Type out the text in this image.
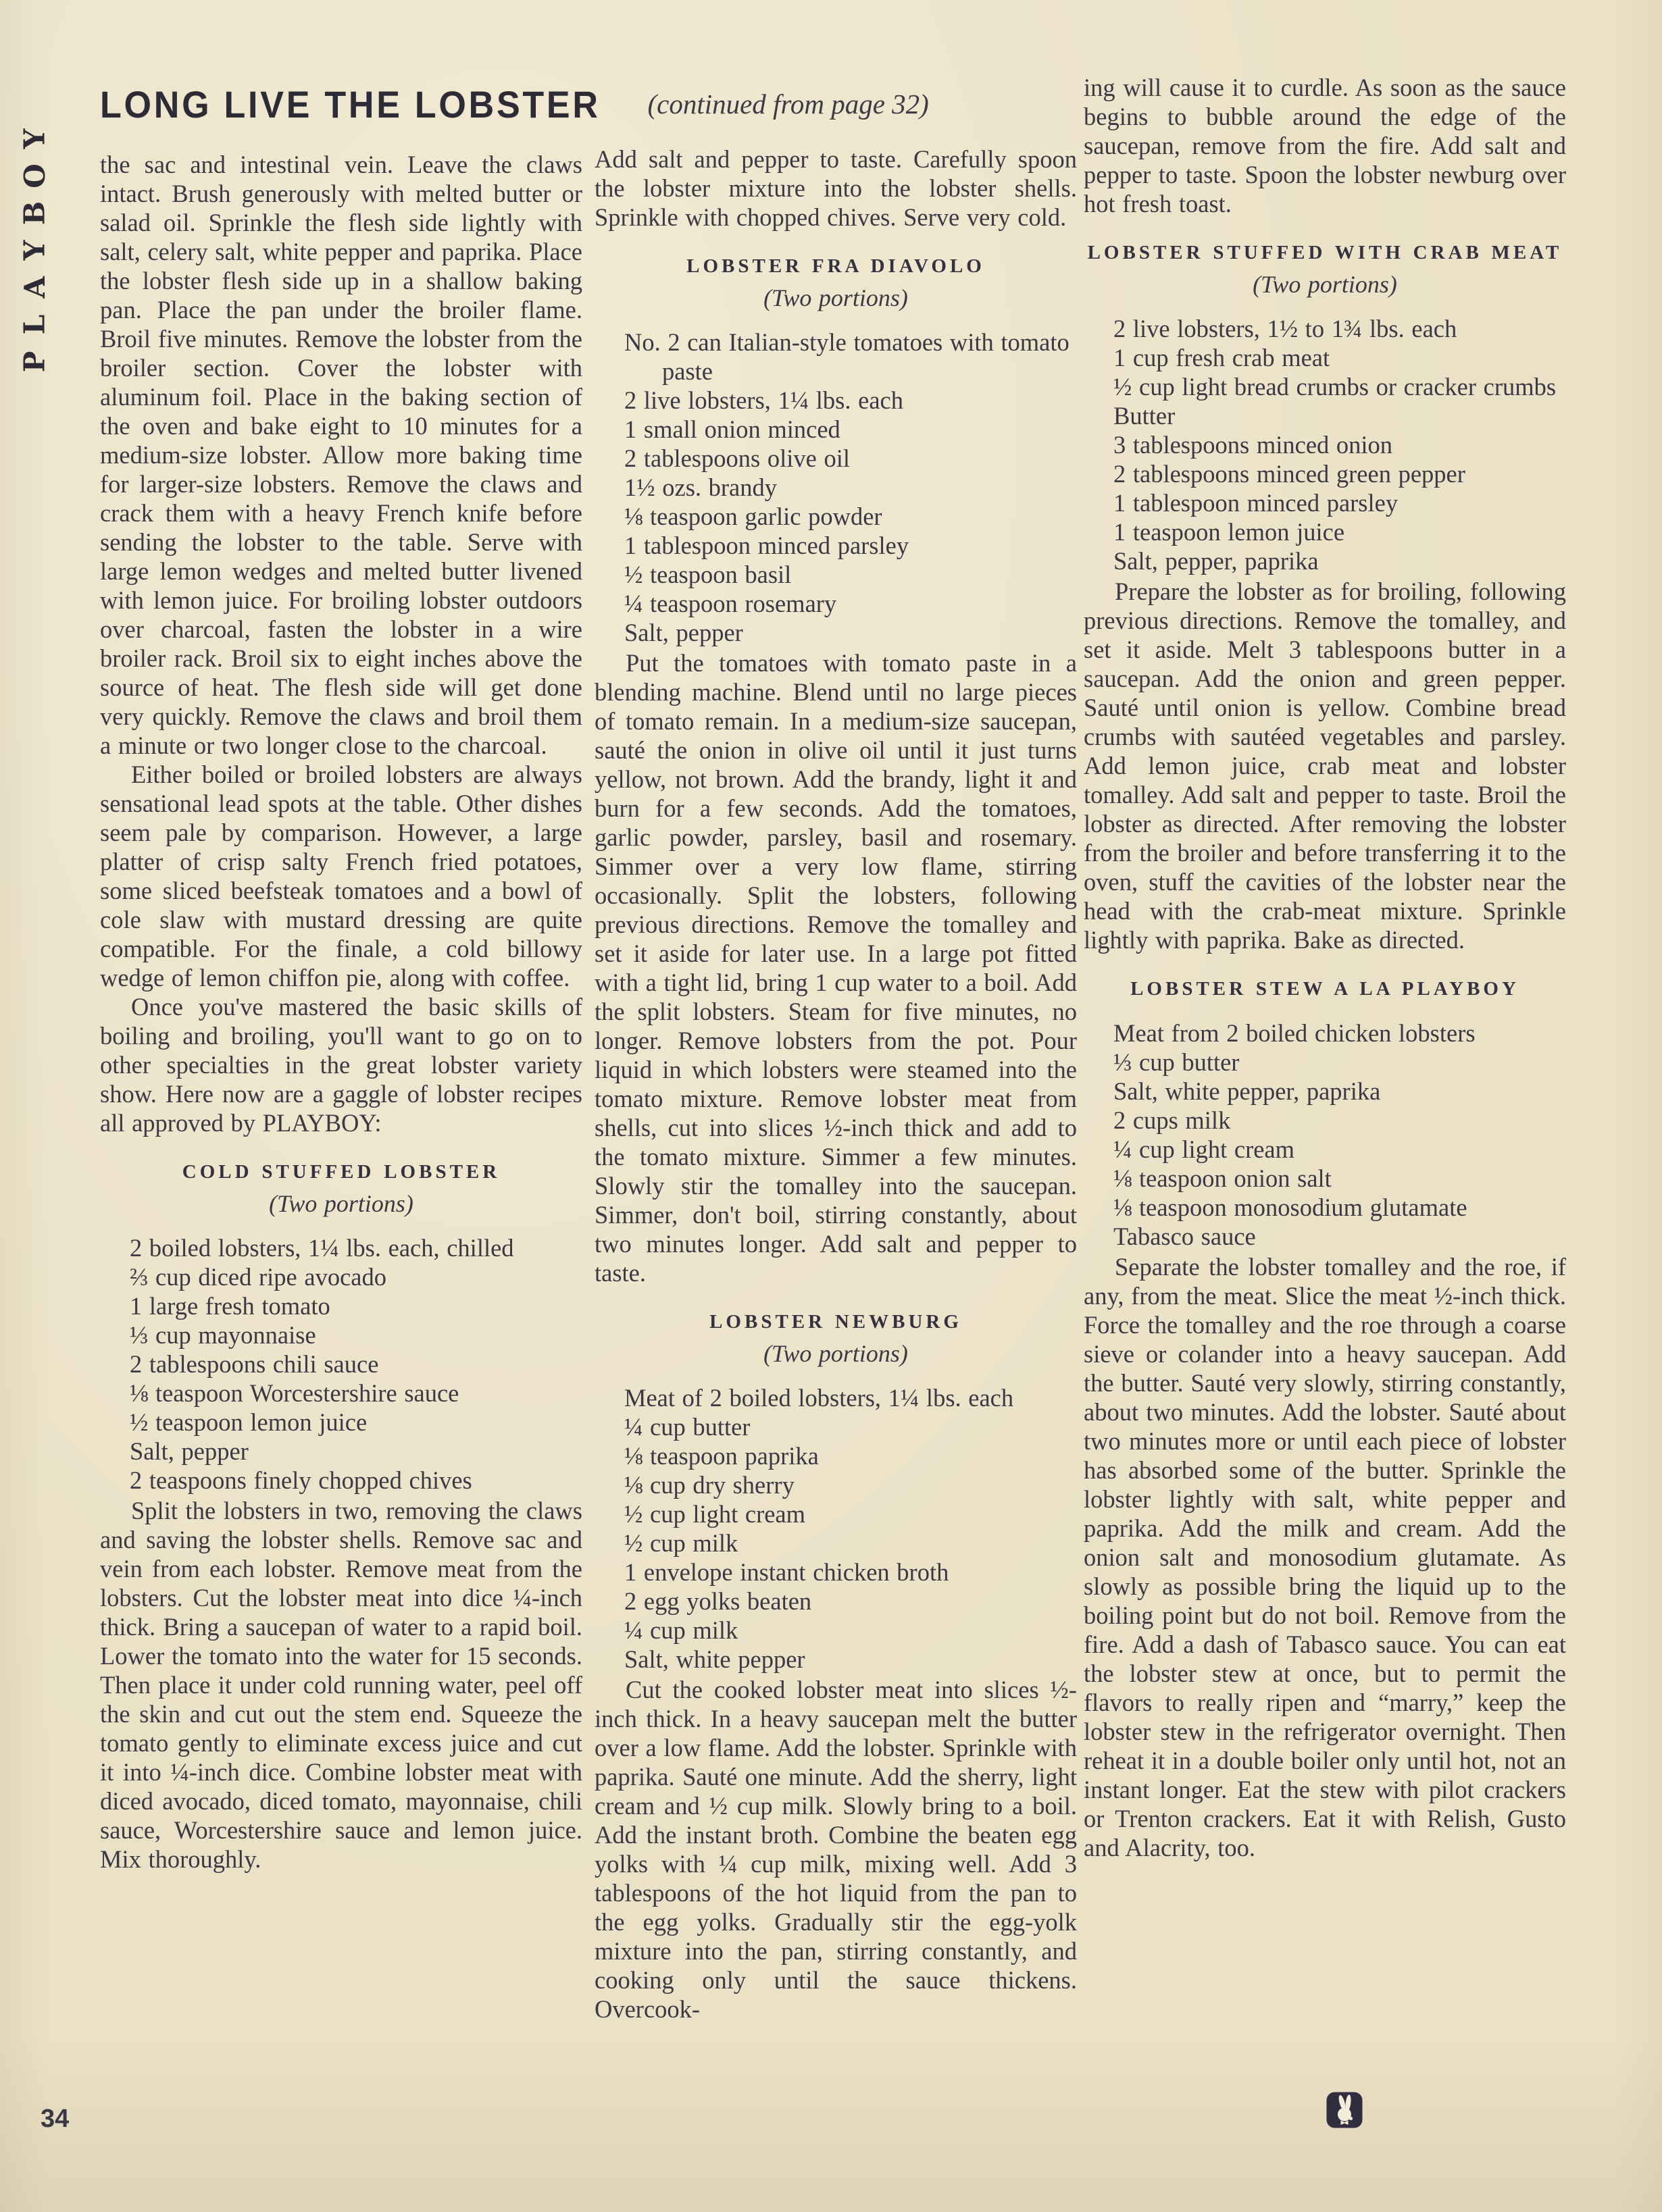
Y
O
B
Y
A
L
P
LONG LIVE THE LOBSTER (continued from page 32)

the sac and intestinal vein. Leave the claws intact. Brush generously with melted butter or salad oil. Sprinkle the flesh side lightly with salt, celery salt, white pepper and paprika. Place the lobster flesh side up in a shallow baking pan. Place the pan under the broiler flame. Broil five minutes. Remove the lobster from the broiler section. Cover the lobster with aluminum foil. Place in the baking section of the oven and bake eight to 10 minutes for a medium-size lobster. Allow more baking time for larger-size lobsters. Remove the claws and crack them with a heavy French knife before sending the lobster to the table. Serve with large lemon wedges and melted butter livened with lemon juice. For broiling lobster outdoors over charcoal, fasten the lobster in a wire broiler rack. Broil six to eight inches above the source of heat. The flesh side will get done very quickly. Remove the claws and broil them a minute or two longer close to the charcoal.

Either boiled or broiled lobsters are always sensational lead spots at the table. Other dishes seem pale by comparison. However, a large platter of crisp salty French fried potatoes, some sliced beefsteak tomatoes and a bowl of cole slaw with mustard dressing are quite compatible. For the finale, a cold billowy wedge of lemon chiffon pie, along with coffee.

Once you've mastered the basic skills of boiling and broiling, you'll want to go on to other specialties in the great lobster variety show. Here now are a gaggle of lobster recipes all approved by PLAYBOY:

COLD STUFFED LOBSTER
(Two portions)
2 boiled lobsters, 1¼ lbs. each, chilled
⅔ cup diced ripe avocado
1 large fresh tomato
⅓ cup mayonnaise
2 tablespoons chili sauce
⅛ teaspoon Worcestershire sauce
½ teaspoon lemon juice
Salt, pepper
2 teaspoons finely chopped chives

Split the lobsters in two, removing the claws and saving the lobster shells. Remove sac and vein from each lobster. Remove meat from the lobsters. Cut the lobster meat into dice ¼-inch thick. Bring a saucepan of water to a rapid boil. Lower the tomato into the water for 15 seconds. Then place it under cold running water, peel off the skin and cut out the stem end. Squeeze the tomato gently to eliminate excess juice and cut it into ¼-inch dice. Combine lobster meat with diced avocado, diced tomato, mayonnaise, chili sauce, Worcestershire sauce and lemon juice. Mix thoroughly.

Add salt and pepper to taste. Carefully spoon the lobster mixture into the lobster shells. Sprinkle with chopped chives. Serve very cold.

LOBSTER FRA DIAVOLO
(Two portions)
No. 2 can Italian-style tomatoes with tomato paste
2 live lobsters, 1¼ lbs. each
1 small onion minced
2 tablespoons olive oil
1½ ozs. brandy
⅛ teaspoon garlic powder
1 tablespoon minced parsley
½ teaspoon basil
¼ teaspoon rosemary
Salt, pepper

Put the tomatoes with tomato paste in a blending machine. Blend until no large pieces of tomato remain. In a medium-size saucepan, sauté the onion in olive oil until it just turns yellow, not brown. Add the brandy, light it and burn for a few seconds. Add the tomatoes, garlic powder, parsley, basil and rosemary. Simmer over a very low flame, stirring occasionally. Split the lobsters, following previous directions. Remove the tomalley and set it aside for later use. In a large pot fitted with a tight lid, bring 1 cup water to a boil. Add the split lobsters. Steam for five minutes, no longer. Remove lobsters from the pot. Pour liquid in which lobsters were steamed into the tomato mixture. Remove lobster meat from shells, cut into slices ½-inch thick and add to the tomato mixture. Simmer a few minutes. Slowly stir the tomalley into the saucepan. Simmer, don't boil, stirring constantly, about two minutes longer. Add salt and pepper to taste.

LOBSTER NEWBURG
(Two portions)
Meat of 2 boiled lobsters, 1¼ lbs. each
¼ cup butter
⅛ teaspoon paprika
⅛ cup dry sherry
½ cup light cream
½ cup milk
1 envelope instant chicken broth
2 egg yolks beaten
¼ cup milk
Salt, white pepper

Cut the cooked lobster meat into slices ½-inch thick. In a heavy saucepan melt the butter over a low flame. Add the lobster. Sprinkle with paprika. Sauté one minute. Add the sherry, light cream and ½ cup milk. Slowly bring to a boil. Add the instant broth. Combine the beaten egg yolks with ¼ cup milk, mixing well. Add 3 tablespoons of the hot liquid from the pan to the egg yolks. Gradually stir the egg-yolk mixture into the pan, stirring constantly, and cooking only until the sauce thickens. Overcook-

ing will cause it to curdle. As soon as the sauce begins to bubble around the edge of the saucepan, remove from the fire. Add salt and pepper to taste. Spoon the lobster newburg over hot fresh toast.

LOBSTER STUFFED WITH CRAB MEAT
(Two portions)
2 live lobsters, 1½ to 1¾ lbs. each
1 cup fresh crab meat
½ cup light bread crumbs or cracker crumbs
Butter
3 tablespoons minced onion
2 tablespoons minced green pepper
1 tablespoon minced parsley
1 teaspoon lemon juice
Salt, pepper, paprika

Prepare the lobster as for broiling, following previous directions. Remove the tomalley, and set it aside. Melt 3 tablespoons butter in a saucepan. Add the onion and green pepper. Sauté until onion is yellow. Combine bread crumbs with sautéed vegetables and parsley. Add lemon juice, crab meat and lobster tomalley. Add salt and pepper to taste. Broil the lobster as directed. After removing the lobster from the broiler and before transferring it to the oven, stuff the cavities of the lobster near the head with the crab-meat mixture. Sprinkle lightly with paprika. Bake as directed.

LOBSTER STEW A LA PLAYBOY
Meat from 2 boiled chicken lobsters
⅓ cup butter
Salt, white pepper, paprika
2 cups milk
¼ cup light cream
⅛ teaspoon onion salt
⅛ teaspoon monosodium glutamate
Tabasco sauce

Separate the lobster tomalley and the roe, if any, from the meat. Slice the meat ½-inch thick. Force the tomalley and the roe through a coarse sieve or colander into a heavy saucepan. Add the butter. Sauté very slowly, stirring constantly, about two minutes. Add the lobster. Sauté about two minutes more or until each piece of lobster has absorbed some of the butter. Sprinkle the lobster lightly with salt, white pepper and paprika. Add the milk and cream. Add the onion salt and monosodium glutamate. As slowly as possible bring the liquid up to the boiling point but do not boil. Remove from the fire. Add a dash of Tabasco sauce. You can eat the lobster stew at once, but to permit the flavors to really ripen and “marry,” keep the lobster stew in the refrigerator overnight. Then reheat it in a double boiler only until hot, not an instant longer. Eat the stew with pilot crackers or Trenton crackers. Eat it with Relish, Gusto and Alacrity, too.

34
